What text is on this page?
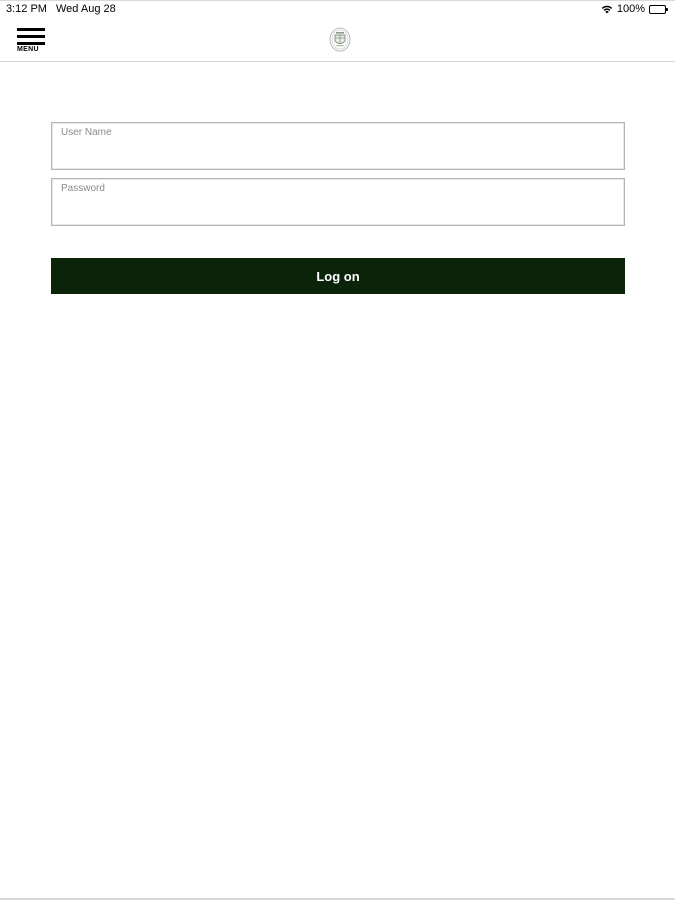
3:12 PM Wed Aug 28	100%
MENU
User Name
Password
Log on
